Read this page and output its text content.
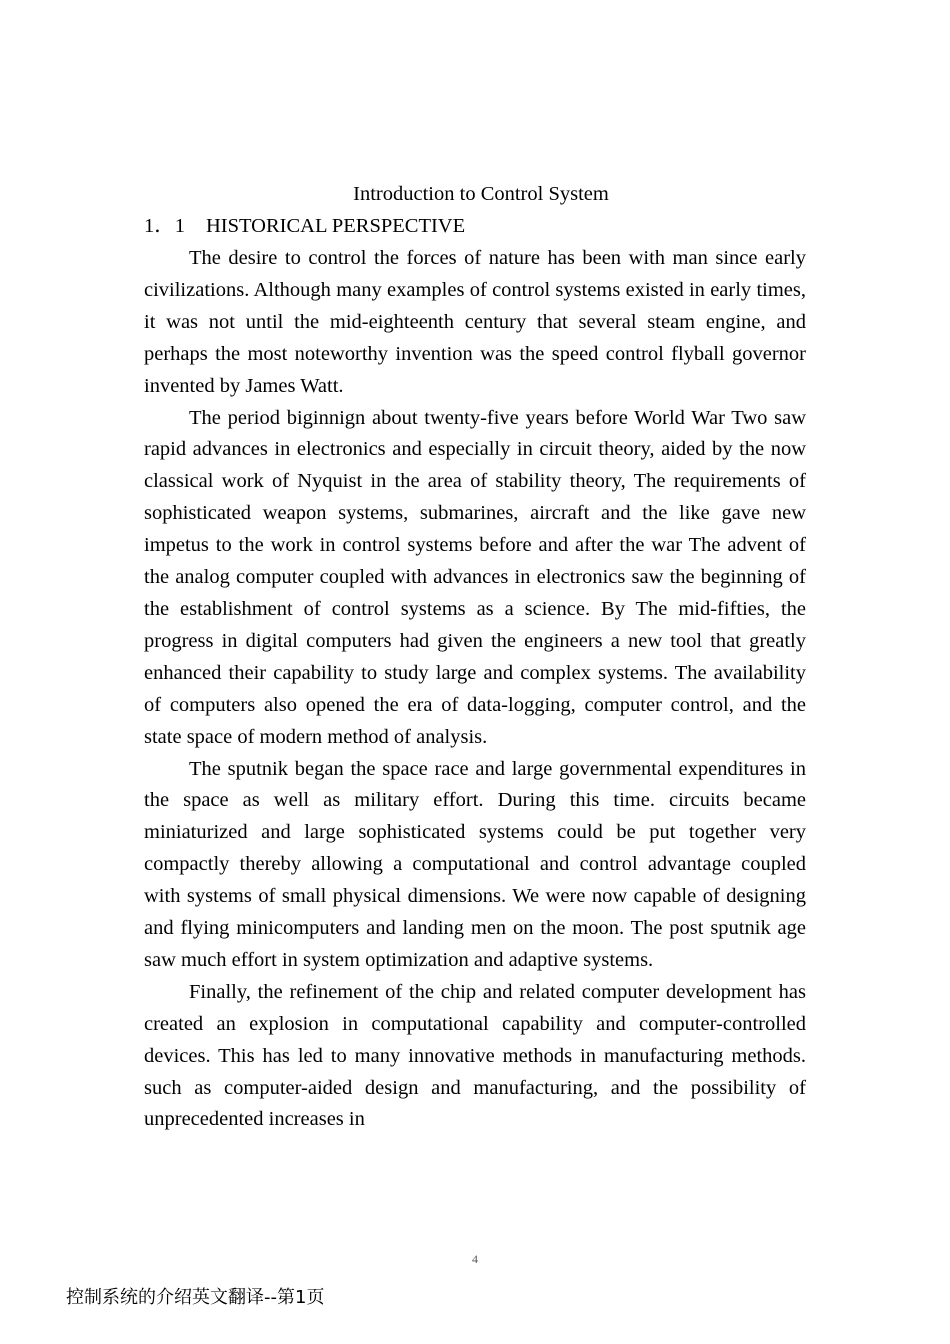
Introduction to Control System
1．1 HISTORICAL PERSPECTIVE

The desire to control the forces of nature has been with man since early civilizations. Although many examples of control systems existed in early times, it was not until the mid-eighteenth century that several steam engine, and perhaps the most noteworthy invention was the speed control flyball governor invented by James Watt.

The period biginnign about twenty-five years before World War Two saw rapid advances in electronics and especially in circuit theory, aided by the now classical work of Nyquist in the area of stability theory, The requirements of sophisticated weapon systems, submarines, aircraft and the like gave new impetus to the work in control systems before and after the war The advent of the analog computer coupled with advances in electronics saw the beginning of the establishment of control systems as a science. By The mid-fifties, the progress in digital computers had given the engineers a new tool that greatly enhanced their capability to study large and complex systems. The availability of computers also opened the era of data-logging, computer control, and the state space of modern method of analysis.

The sputnik began the space race and large governmental expenditures in the space as well as military effort. During this time. circuits became miniaturized and large sophisticated systems could be put together very compactly thereby allowing a computational and control advantage coupled with systems of small physical dimensions. We were now capable of designing and flying minicomputers and landing men on the moon. The post sputnik age saw much effort in system optimization and adaptive systems.

Finally, the refinement of the chip and related computer development has created an explosion in computational capability and computer-controlled devices. This has led to many innovative methods in manufacturing methods. such as computer-aided design and manufacturing, and the possibility of unprecedented increases in

4
控制系统的介绍英文翻译--第1页
